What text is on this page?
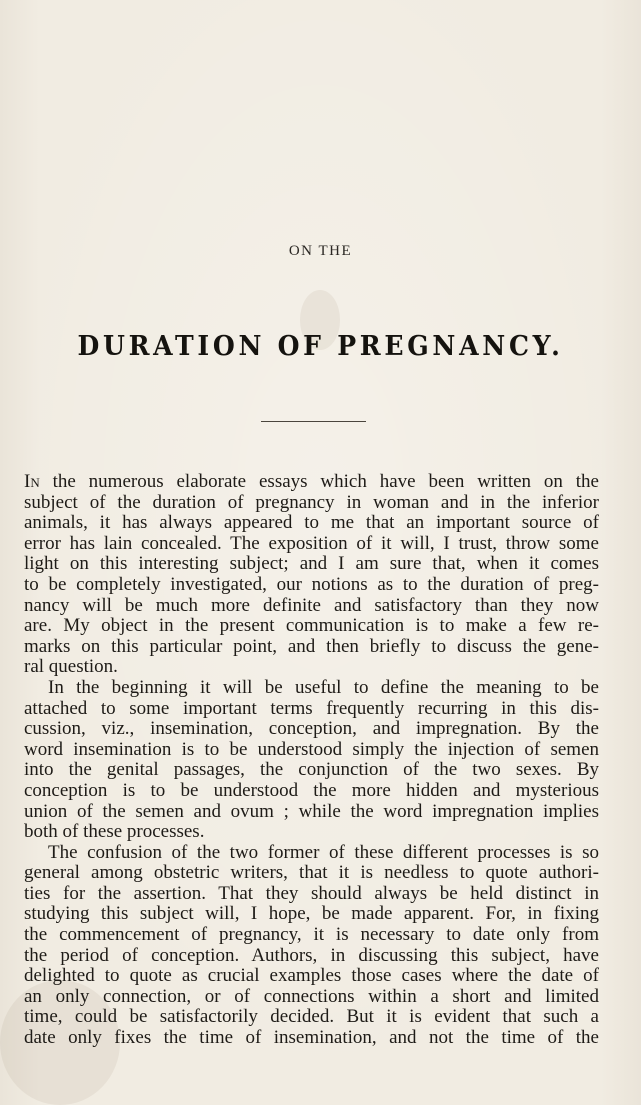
ON THE
DURATION OF PREGNANCY.
In the numerous elaborate essays which have been written on the
subject of the duration of pregnancy in woman and in the inferior
animals, it has always appeared to me that an important source of
error has lain concealed. The exposition of it will, I trust, throw some
light on this interesting subject; and I am sure that, when it comes
to be completely investigated, our notions as to the duration of preg-
nancy will be much more definite and satisfactory than they now
are. My object in the present communication is to make a few re-
marks on this particular point, and then briefly to discuss the gene-
ral question.
In the beginning it will be useful to define the meaning to be
attached to some important terms frequently recurring in this dis-
cussion, viz., insemination, conception, and impregnation. By the
word insemination is to be understood simply the injection of semen
into the genital passages, the conjunction of the two sexes. By
conception is to be understood the more hidden and mysterious
union of the semen and ovum ; while the word impregnation implies
both of these processes.
The confusion of the two former of these different processes is so
general among obstetric writers, that it is needless to quote authori-
ties for the assertion. That they should always be held distinct in
studying this subject will, I hope, be made apparent. For, in fixing
the commencement of pregnancy, it is necessary to date only from
the period of conception. Authors, in discussing this subject, have
delighted to quote as crucial examples those cases where the date of
an only connection, or of connections within a short and limited
time, could be satisfactorily decided. But it is evident that such a
date only fixes the time of insemination, and not the time of the
